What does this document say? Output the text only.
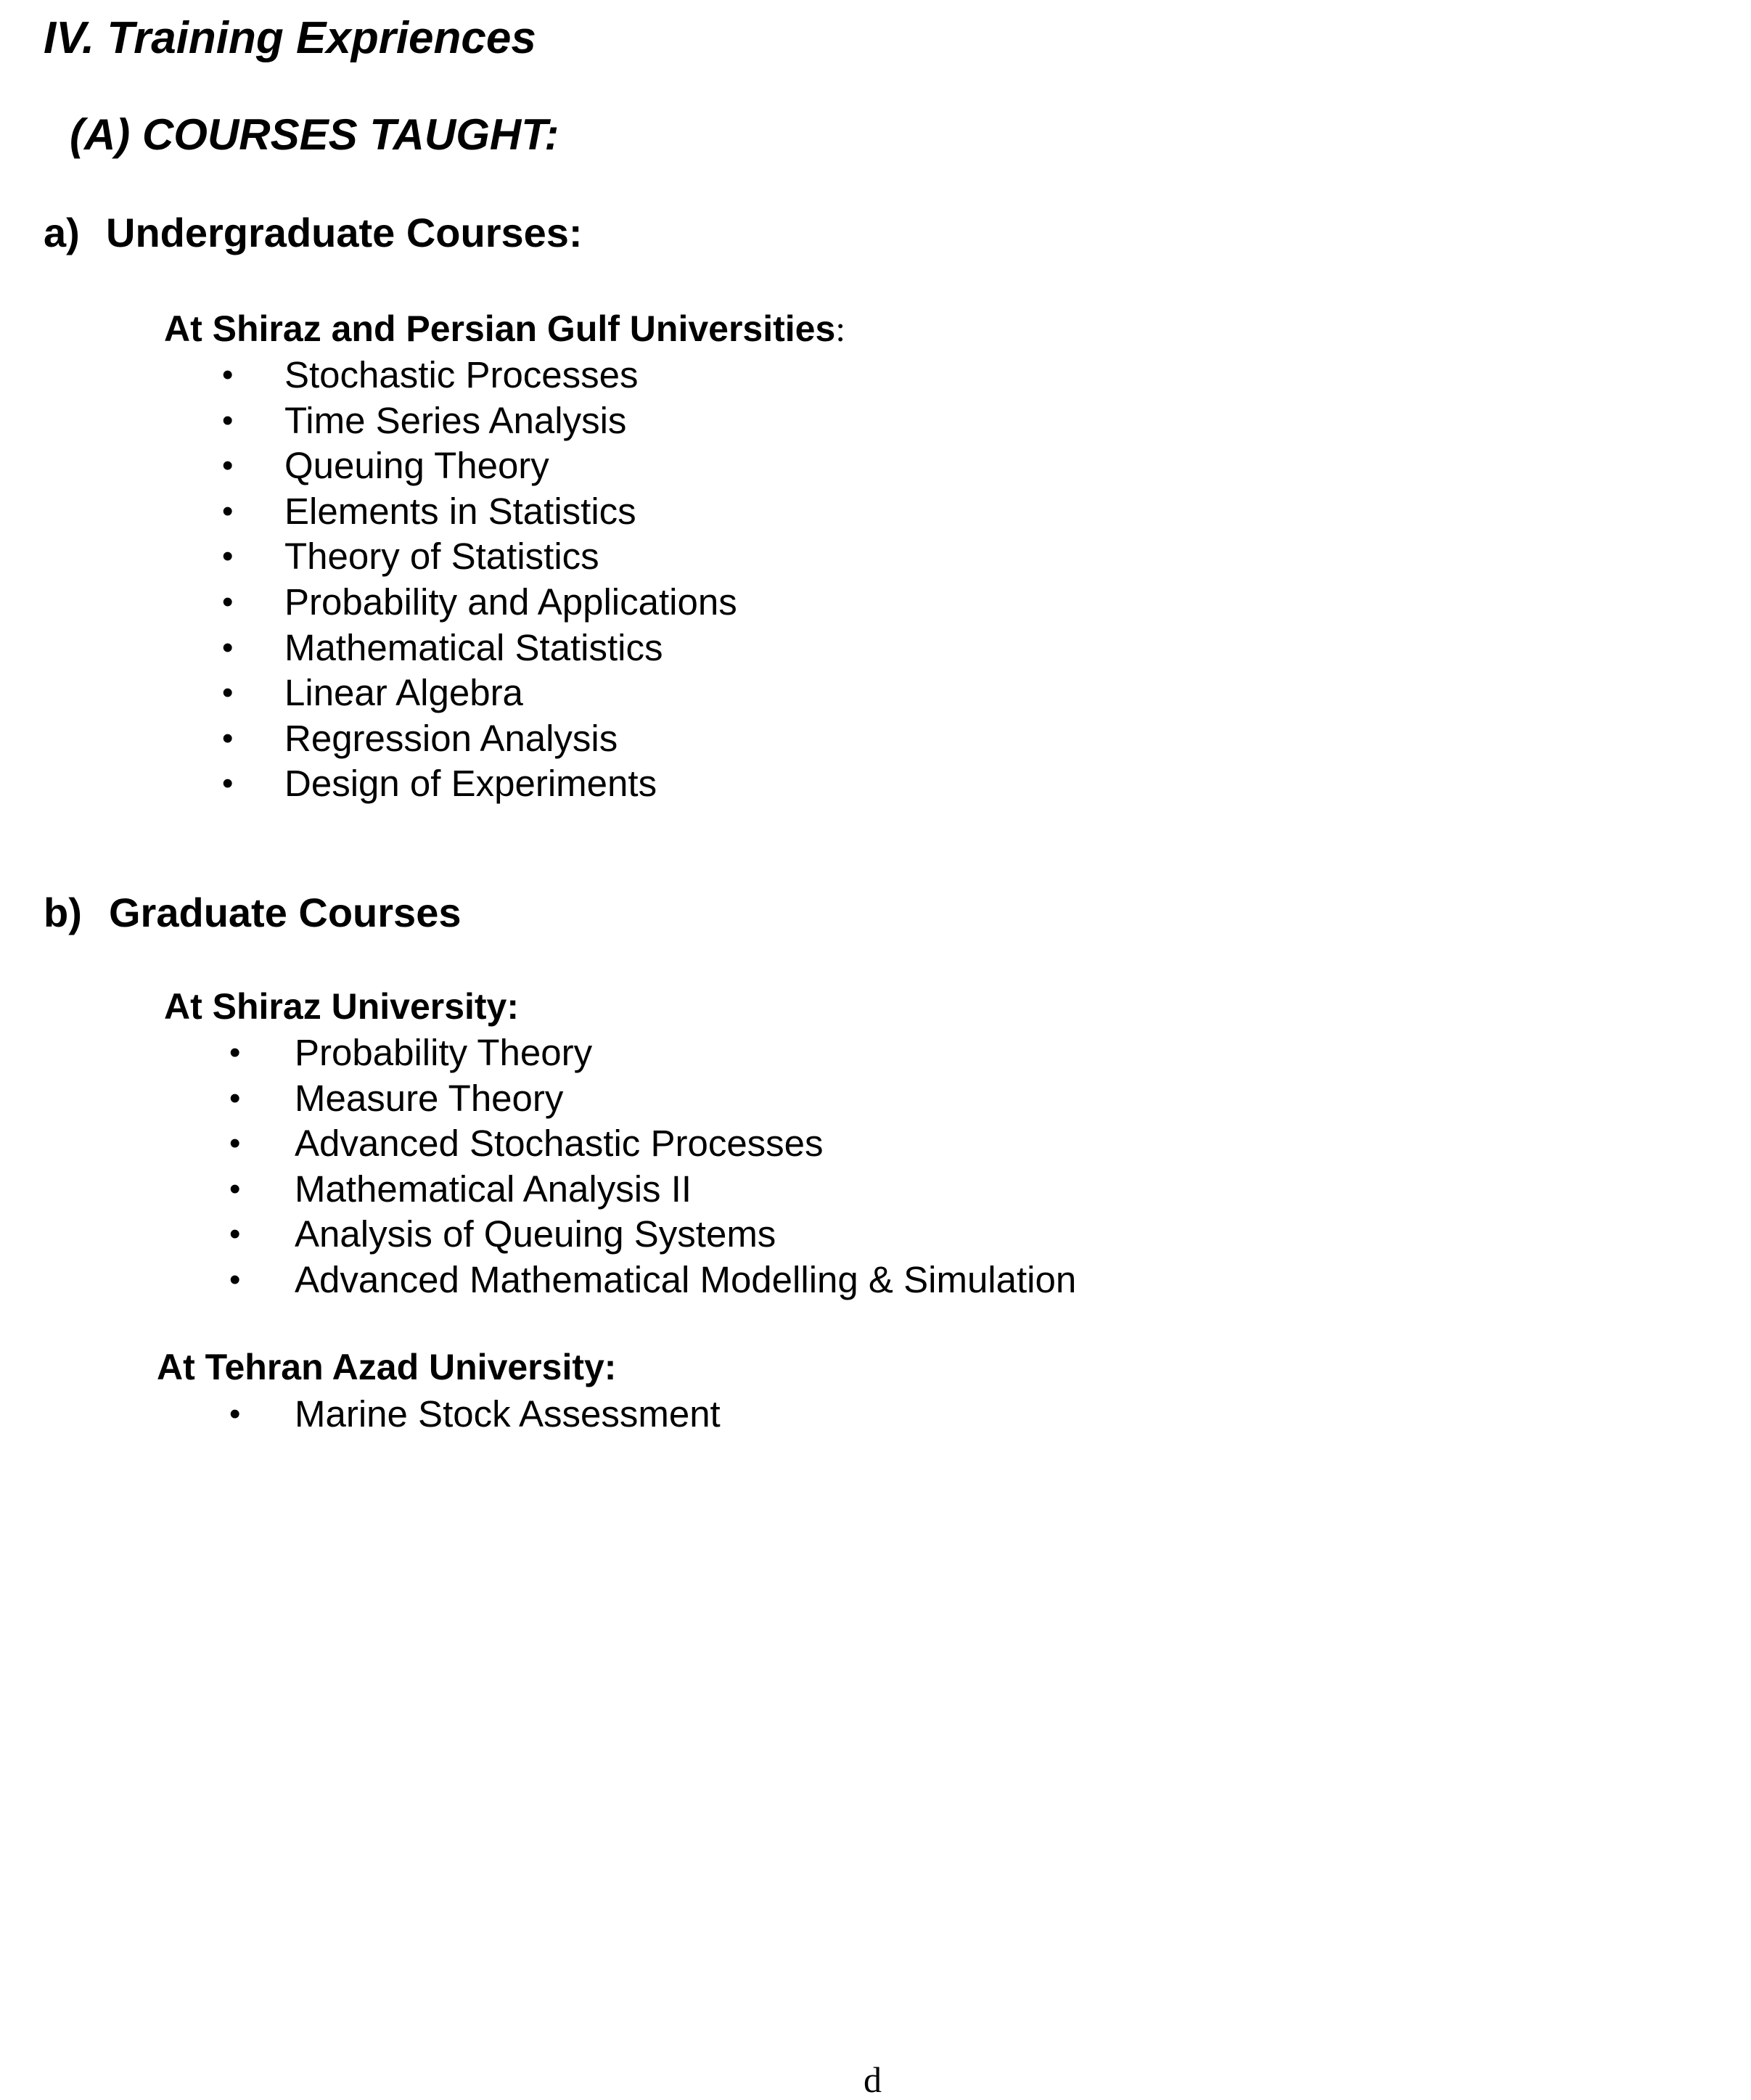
IV. Training Expriences
(A) COURSES TAUGHT:
a) Undergraduate Courses:
At Shiraz and Persian Gulf Universities:
• Stochastic Processes
• Time Series Analysis
• Queuing Theory
• Elements in Statistics
• Theory of Statistics
• Probability and Applications
• Mathematical Statistics
• Linear Algebra
• Regression Analysis
• Design of Experiments
b) Graduate Courses
At Shiraz University:
• Probability Theory
• Measure Theory
• Advanced Stochastic Processes
• Mathematical Analysis II
• Analysis of Queuing Systems
• Advanced Mathematical Modelling & Simulation
At Tehran Azad University:
• Marine Stock Assessment
d
